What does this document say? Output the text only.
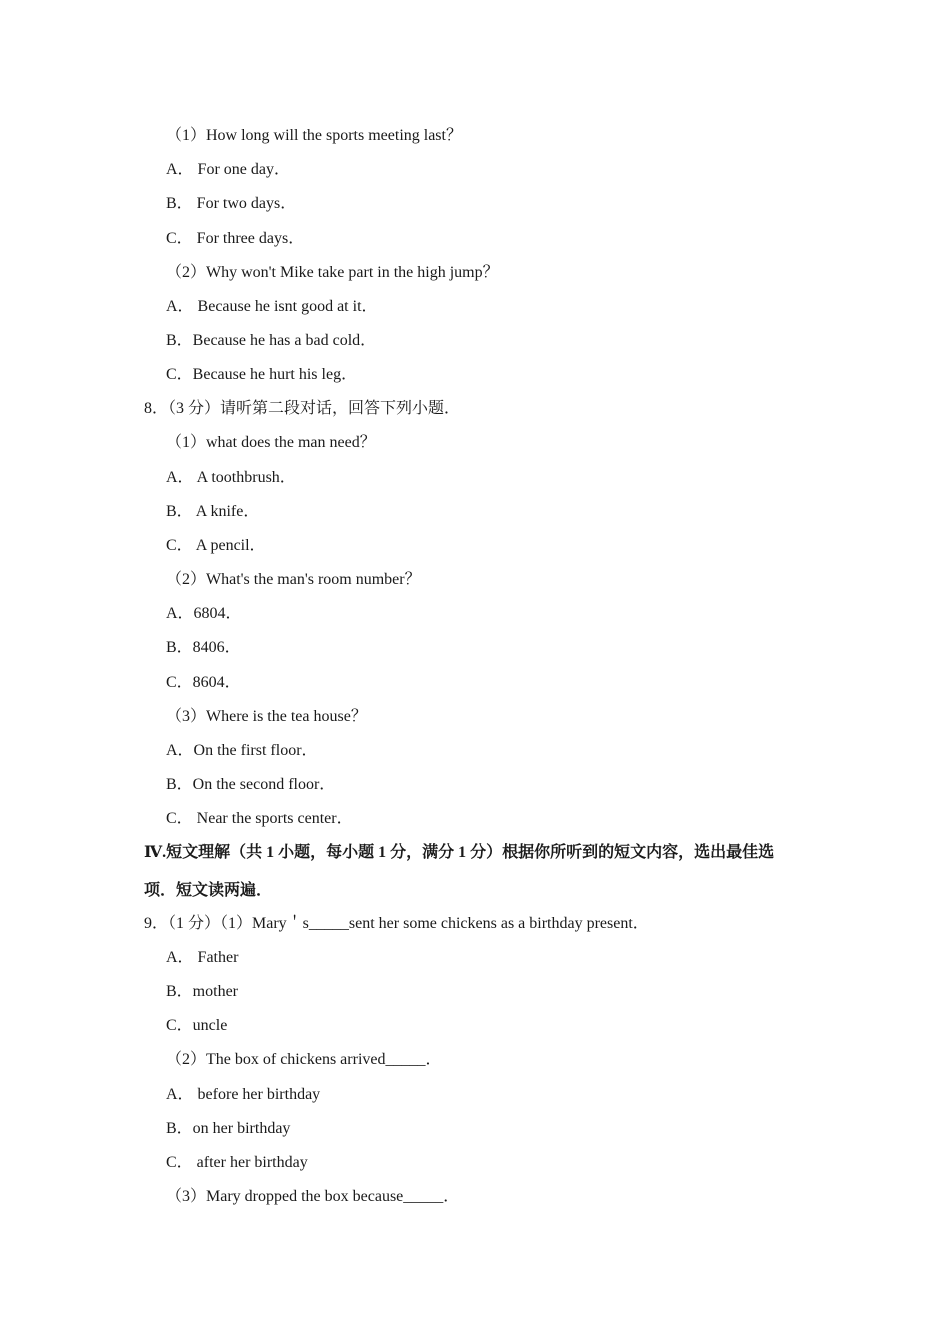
（1）How long will the sports meeting last？
A． For one day．
B． For two days．
C． For three days．
（2）Why won't Mike take part in the high jump？
A． Because he isnt good at it．
B．Because he has a bad cold．
C．Because he hurt his leg．
8．（3 分）请听第二段对话，回答下列小题．
（1）what does the man need？
A． A toothbrush．
B． A knife．
C． A pencil．
（2）What's the man's room number？
A．6804．
B．8406．
C．8604．
（3）Where is the tea house？
A．On the first floor．
B．On the second floor．
C． Near the sports center．
Ⅳ.短文理解（共 1 小题，每小题 1 分，满分 1 分）根据你所听到的短文内容，选出最佳选
项．短文读两遍．
9．（1 分）（1）Mary＇s_____sent her some chickens as a birthday present．
A． Father
B．mother
C．uncle
（2）The box of chickens arrived_____．
A． before her birthday
B．on her birthday
C． after her birthday
（3）Mary dropped the box because_____．
